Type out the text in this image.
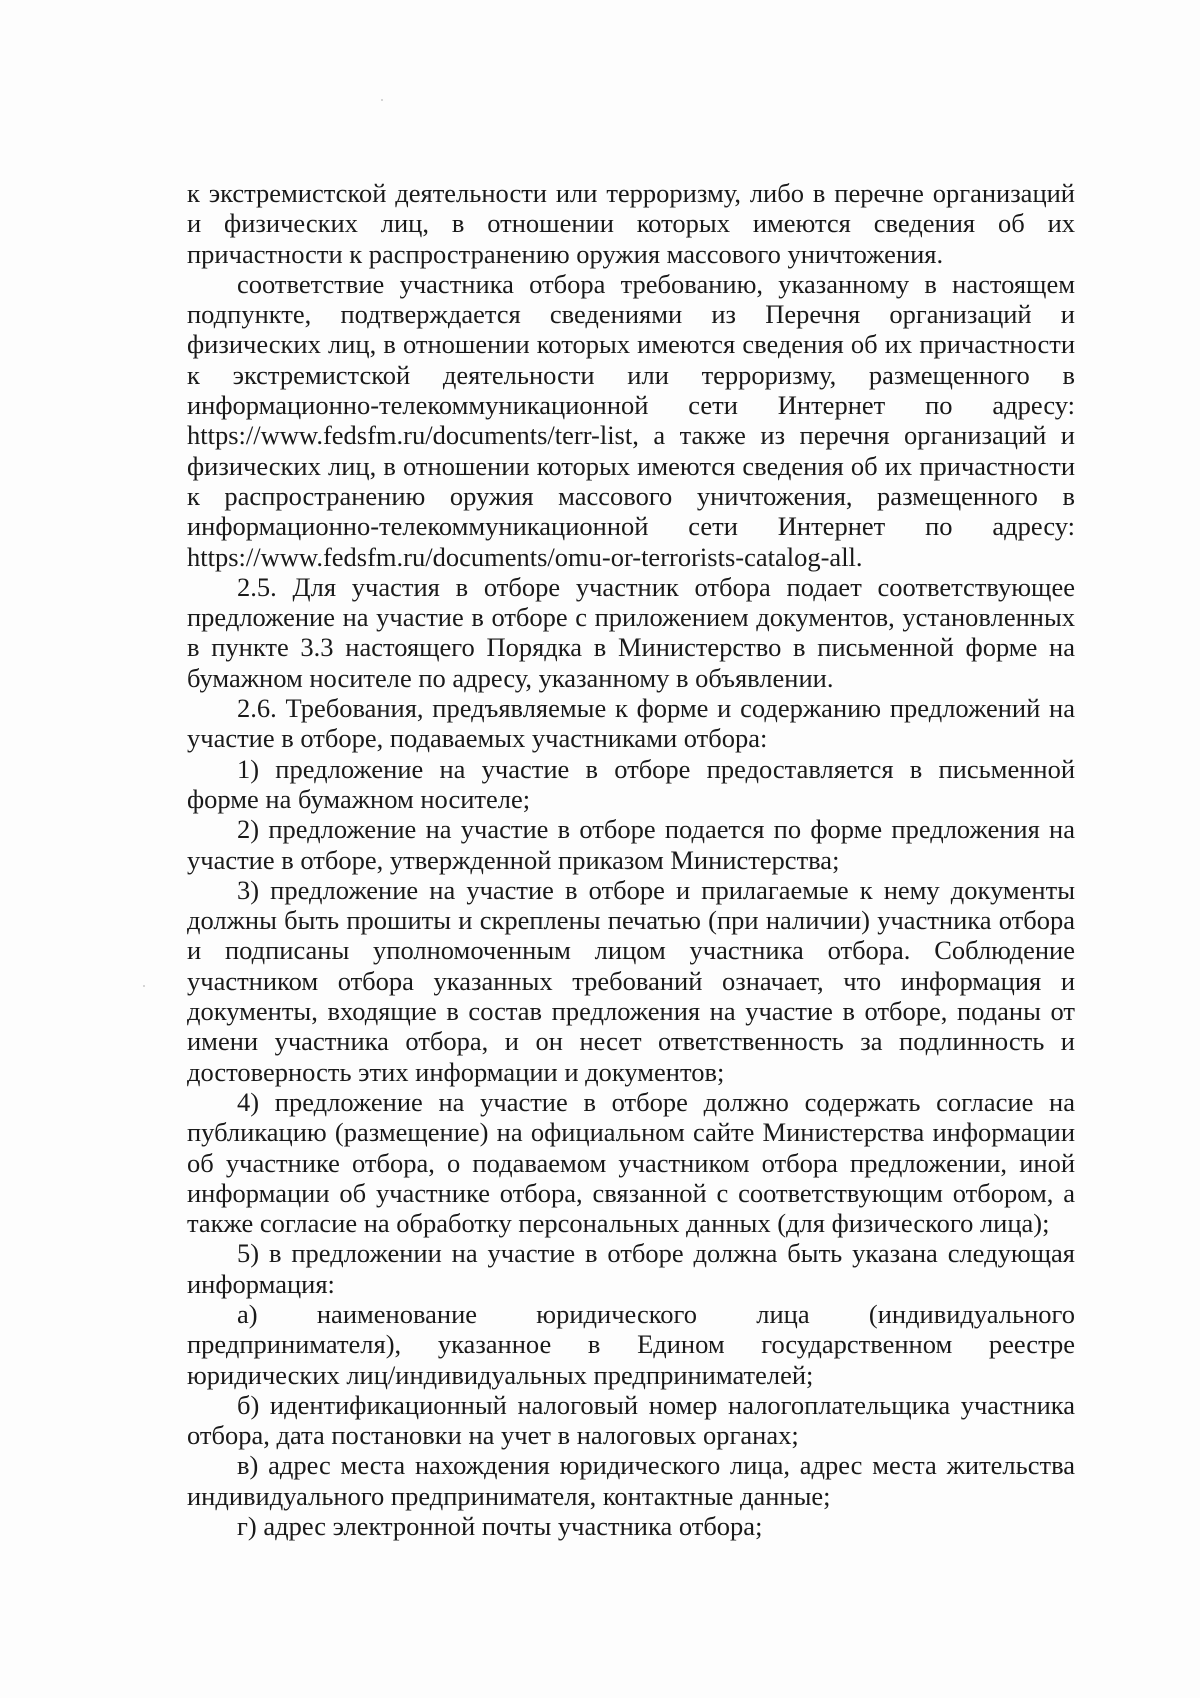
к экстремистской деятельности или терроризму, либо в перечне организаций и физических лиц, в отношении которых имеются сведения об их причастности к распространению оружия массового уничтожения.

соответствие участника отбора требованию, указанному в настоящем подпункте, подтверждается сведениями из Перечня организаций и физических лиц, в отношении которых имеются сведения об их причастности к экстремистской деятельности или терроризму, размещенного в информационно-телекоммуникационной сети Интернет по адресу: https://www.fedsfm.ru/documents/terr-list, а также из перечня организаций и физических лиц, в отношении которых имеются сведения об их причастности к распространению оружия массового уничтожения, размещенного в информационно-телекоммуникационной сети Интернет по адресу: https://www.fedsfm.ru/documents/omu-or-terrorists-catalog-all.

2.5. Для участия в отборе участник отбора подает соответствующее предложение на участие в отборе с приложением документов, установленных в пункте 3.3 настоящего Порядка в Министерство в письменной форме на бумажном носителе по адресу, указанному в объявлении.

2.6. Требования, предъявляемые к форме и содержанию предложений на участие в отборе, подаваемых участниками отбора:

1) предложение на участие в отборе предоставляется в письменной форме на бумажном носителе;

2) предложение на участие в отборе подается по форме предложения на участие в отборе, утвержденной приказом Министерства;

3) предложение на участие в отборе и прилагаемые к нему документы должны быть прошиты и скреплены печатью (при наличии) участника отбора и подписаны уполномоченным лицом участника отбора. Соблюдение участником отбора указанных требований означает, что информация и документы, входящие в состав предложения на участие в отборе, поданы от имени участника отбора, и он несет ответственность за подлинность и достоверность этих информации и документов;

4) предложение на участие в отборе должно содержать согласие на публикацию (размещение) на официальном сайте Министерства информации об участнике отбора, о подаваемом участником отбора предложении, иной информации об участнике отбора, связанной с соответствующим отбором, а также согласие на обработку персональных данных (для физического лица);

5) в предложении на участие в отборе должна быть указана следующая информация:

а) наименование юридического лица (индивидуального предпринимателя), указанное в Едином государственном реестре юридических лиц/индивидуальных предпринимателей;

б) идентификационный налоговый номер налогоплательщика участника отбора, дата постановки на учет в налоговых органах;

в) адрес места нахождения юридического лица, адрес места жительства индивидуального предпринимателя, контактные данные;

г) адрес электронной почты участника отбора;
